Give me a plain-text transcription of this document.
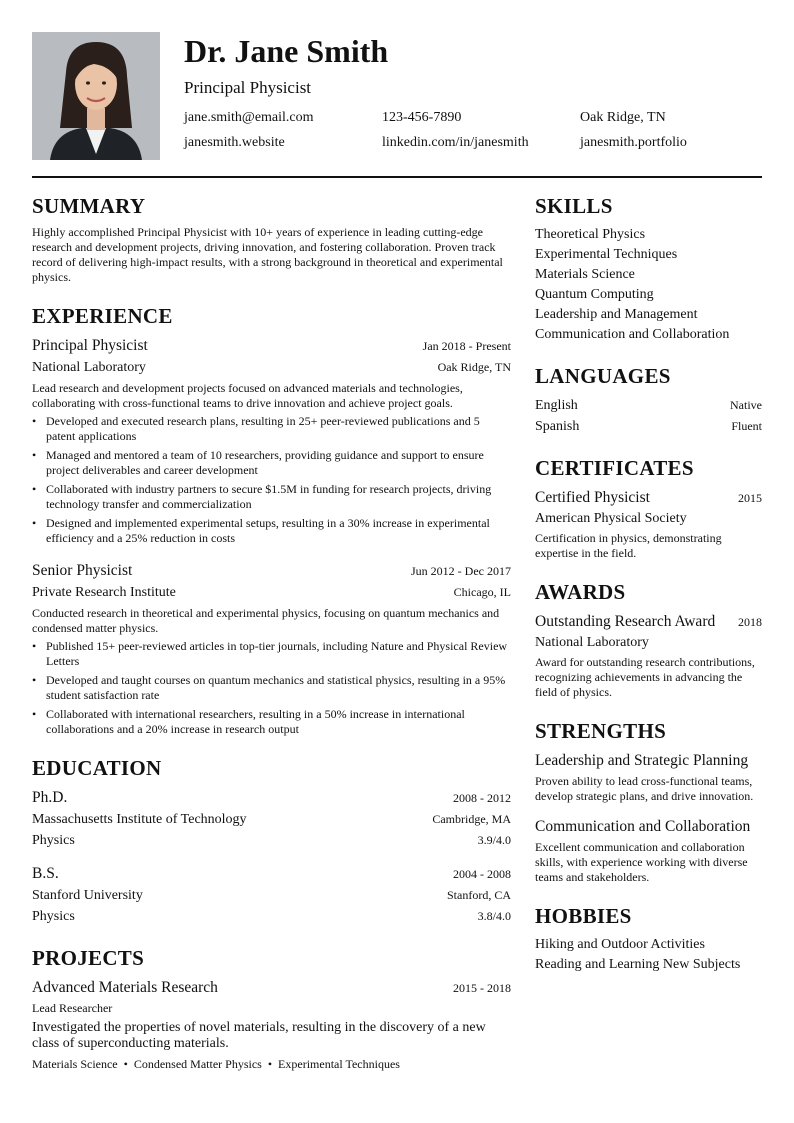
Dr. Jane Smith
Principal Physicist
jane.smith@email.com	123-456-7890	Oak Ridge, TN
janesmith.website	linkedin.com/in/janesmith	janesmith.portfolio
SUMMARY
Highly accomplished Principal Physicist with 10+ years of experience in leading cutting-edge research and development projects, driving innovation, and fostering collaboration. Proven track record of delivering high-impact results, with a strong background in theoretical and experimental physics.
EXPERIENCE
Principal Physicist	Jan 2018 - Present
National Laboratory	Oak Ridge, TN
Lead research and development projects focused on advanced materials and technologies, collaborating with cross-functional teams to drive innovation and achieve project goals.
• Developed and executed research plans, resulting in 25+ peer-reviewed publications and 5 patent applications
• Managed and mentored a team of 10 researchers, providing guidance and support to ensure project deliverables and career development
• Collaborated with industry partners to secure $1.5M in funding for research projects, driving technology transfer and commercialization
• Designed and implemented experimental setups, resulting in a 30% increase in experimental efficiency and a 25% reduction in costs
Senior Physicist	Jun 2012 - Dec 2017
Private Research Institute	Chicago, IL
Conducted research in theoretical and experimental physics, focusing on quantum mechanics and condensed matter physics.
• Published 15+ peer-reviewed articles in top-tier journals, including Nature and Physical Review Letters
• Developed and taught courses on quantum mechanics and statistical physics, resulting in a 95% student satisfaction rate
• Collaborated with international researchers, resulting in a 50% increase in international collaborations and a 20% increase in research output
EDUCATION
Ph.D.	2008 - 2012
Massachusetts Institute of Technology	Cambridge, MA
Physics	3.9/4.0
B.S.	2004 - 2008
Stanford University	Stanford, CA
Physics	3.8/4.0
PROJECTS
Advanced Materials Research	2015 - 2018
Lead Researcher
Investigated the properties of novel materials, resulting in the discovery of a new class of superconducting materials.
Materials Science • Condensed Matter Physics • Experimental Techniques
SKILLS
Theoretical Physics
Experimental Techniques
Materials Science
Quantum Computing
Leadership and Management
Communication and Collaboration
LANGUAGES
English	Native
Spanish	Fluent
CERTIFICATES
Certified Physicist	2015
American Physical Society
Certification in physics, demonstrating expertise in the field.
AWARDS
Outstanding Research Award 2018
National Laboratory
Award for outstanding research contributions, recognizing achievements in advancing the field of physics.
STRENGTHS
Leadership and Strategic Planning
Proven ability to lead cross-functional teams, develop strategic plans, and drive innovation.
Communication and Collaboration
Excellent communication and collaboration skills, with experience working with diverse teams and stakeholders.
HOBBIES
Hiking and Outdoor Activities
Reading and Learning New Subjects
